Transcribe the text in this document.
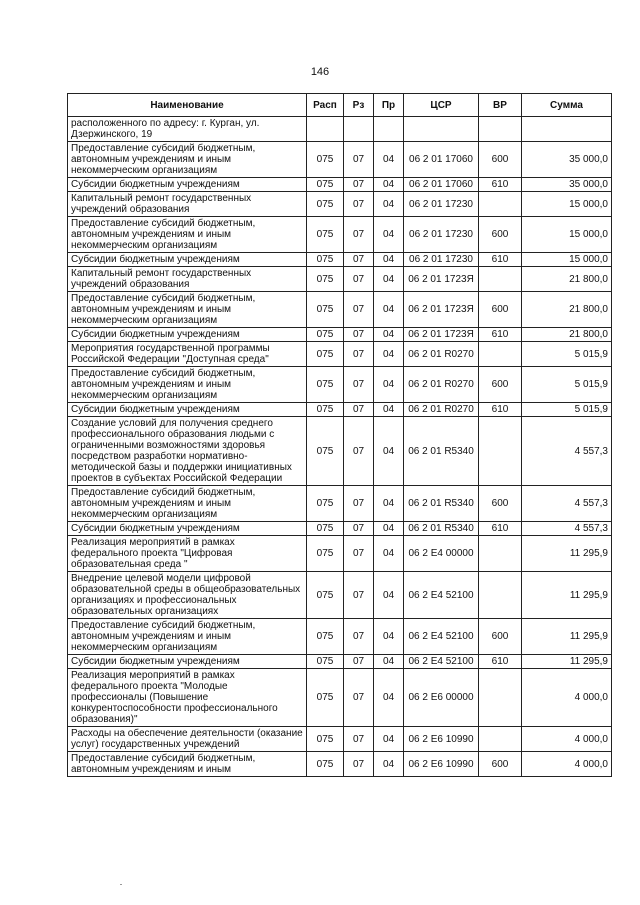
146
Наименование	Расп	Рз	Пр	ЦСР	ВР	Сумма
расположенного по адресу: г. Курган, ул. Дзержинского, 19						
Предоставление субсидий бюджетным, автономным учреждениям и иным некоммерческим организациям	075	07	04	06 2 01 17060	600	35 000,0
Субсидии бюджетным учреждениям	075	07	04	06 2 01 17060	610	35 000,0
Капитальный ремонт государственных учреждений образования	075	07	04	06 2 01 17230		15 000,0
Предоставление субсидий бюджетным, автономным учреждениям и иным некоммерческим организациям	075	07	04	06 2 01 17230	600	15 000,0
Субсидии бюджетным учреждениям	075	07	04	06 2 01 17230	610	15 000,0
Капитальный ремонт государственных учреждений образования	075	07	04	06 2 01 1723Я		21 800,0
Предоставление субсидий бюджетным, автономным учреждениям и иным некоммерческим организациям	075	07	04	06 2 01 1723Я	600	21 800,0
Субсидии бюджетным учреждениям	075	07	04	06 2 01 1723Я	610	21 800,0
Мероприятия государственной программы Российской Федерации "Доступная среда"	075	07	04	06 2 01 R0270		5 015,9
Предоставление субсидий бюджетным, автономным учреждениям и иным некоммерческим организациям	075	07	04	06 2 01 R0270	600	5 015,9
Субсидии бюджетным учреждениям	075	07	04	06 2 01 R0270	610	5 015,9
Создание условий для получения среднего профессионального образования людьми с ограниченными возможностями здоровья посредством разработки нормативно-методической базы и поддержки инициативных проектов в субъектах Российской Федерации	075	07	04	06 2 01 R5340		4 557,3
Предоставление субсидий бюджетным, автономным учреждениям и иным некоммерческим организациям	075	07	04	06 2 01 R5340	600	4 557,3
Субсидии бюджетным учреждениям	075	07	04	06 2 01 R5340	610	4 557,3
Реализация мероприятий в рамках федерального проекта "Цифровая образовательная среда "	075	07	04	06 2 E4 00000		11 295,9
Внедрение целевой модели цифровой образовательной среды в общеобразовательных организациях и профессиональных образовательных организациях	075	07	04	06 2 E4 52100		11 295,9
Предоставление субсидий бюджетным, автономным учреждениям и иным некоммерческим организациям	075	07	04	06 2 E4 52100	600	11 295,9
Субсидии бюджетным учреждениям	075	07	04	06 2 E4 52100	610	11 295,9
Реализация мероприятий в рамках федерального проекта "Молодые профессионалы (Повышение конкурентоспособности профессионального образования)"	075	07	04	06 2 E6 00000		4 000,0
Расходы на обеспечение деятельности (оказание услуг) государственных учреждений	075	07	04	06 2 E6 10990		4 000,0
Предоставление субсидий бюджетным, автономным учреждениям и иным	075	07	04	06 2 E6 10990	600	4 000,0
